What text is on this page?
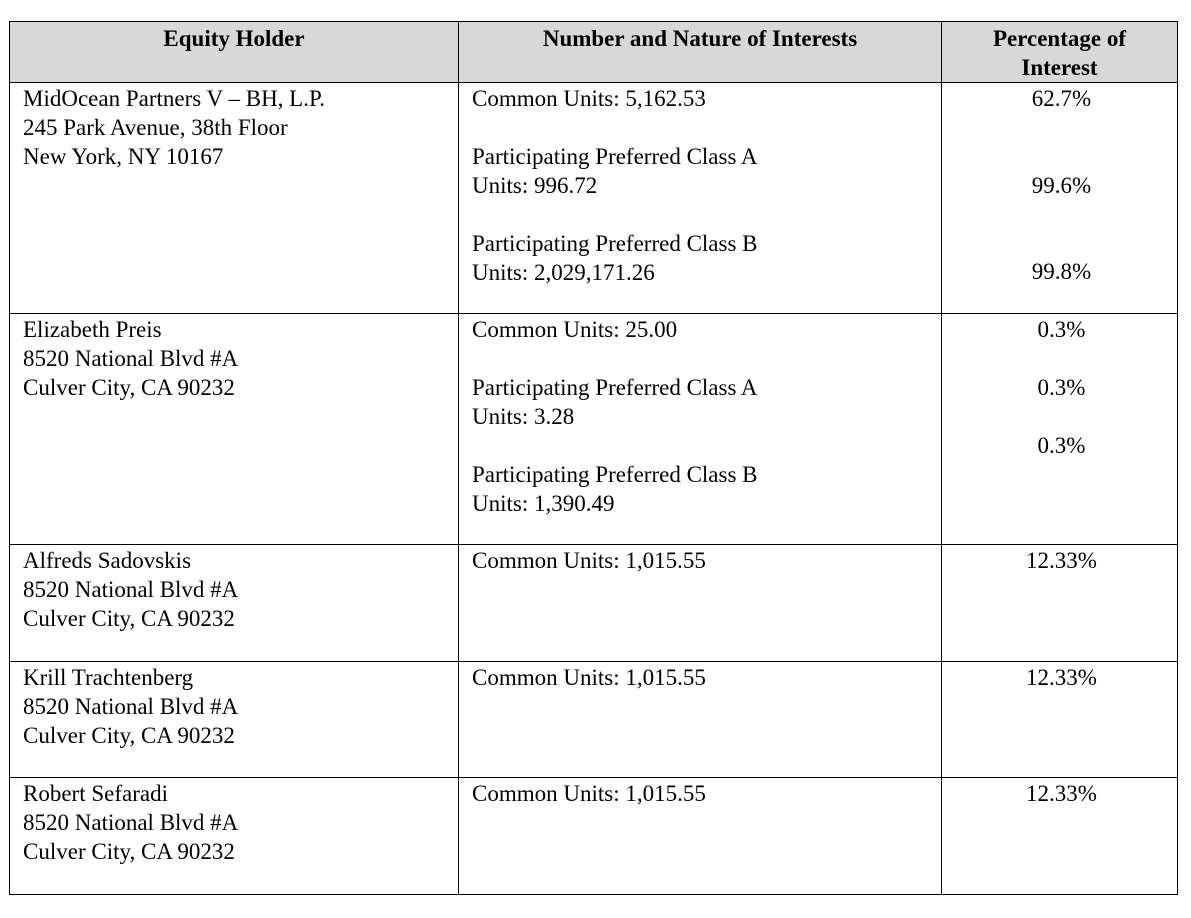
Equity Holder	Number and Nature of Interests	Percentage of
Interest

MidOcean Partners V – BH, L.P.
245 Park Avenue, 38th Floor
New York, NY 10167	Common Units: 5,162.53
Participating Preferred Class A
Units: 996.72
Participating Preferred Class B
Units: 2,029,171.26	62.7%
99.6%
99.8%

Elizabeth Preis
8520 National Blvd #A
Culver City, CA 90232	Common Units: 25.00
Participating Preferred Class A
Units: 3.28
Participating Preferred Class B
Units: 1,390.49	0.3%
0.3%
0.3%

Alfreds Sadovskis
8520 National Blvd #A
Culver City, CA 90232	Common Units: 1,015.55	12.33%

Krill Trachtenberg
8520 National Blvd #A
Culver City, CA 90232	Common Units: 1,015.55	12.33%

Robert Sefaradi
8520 National Blvd #A
Culver City, CA 90232	Common Units: 1,015.55	12.33%
